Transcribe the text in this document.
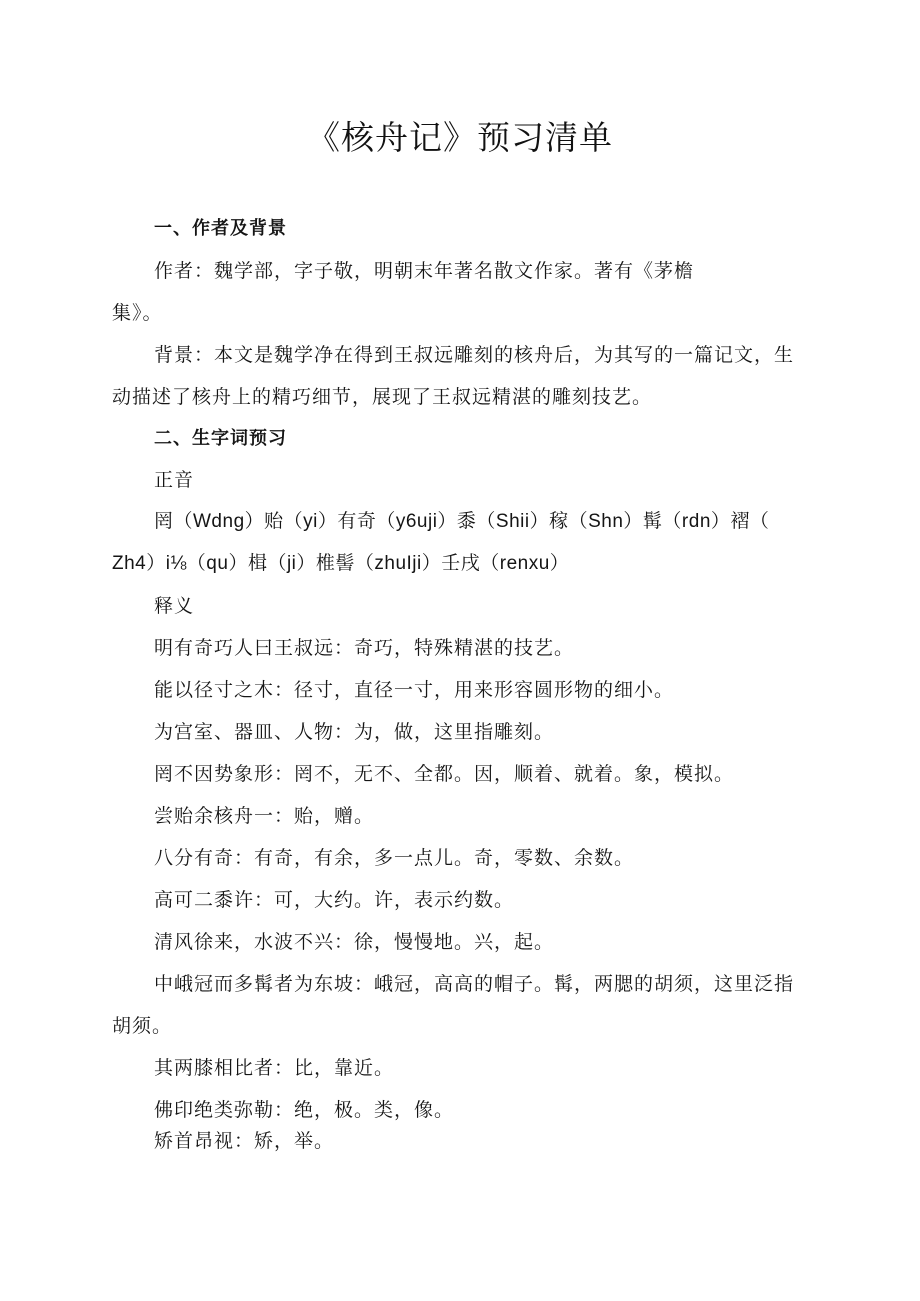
《核舟记》预习清单
一、作者及背景
作者：魏学部，字子敬，明朝末年著名散文作家。著有《茅檐
集》。
背景：本文是魏学净在得到王叔远雕刻的核舟后，为其写的一篇记文，生
动描述了核舟上的精巧细节，展现了王叔远精湛的雕刻技艺。
二、生字词预习
正音
罔（Wdng）贻（yi）有奇（y6uji）黍（Shii）稼（Shn）髯（rdn）褶（
Zh4）i⅛（qu）楫（ji）椎髻（zhuIji）壬戌（renxu）
释义
明有奇巧人曰王叔远：奇巧，特殊精湛的技艺。
能以径寸之木：径寸，直径一寸，用来形容圆形物的细小。
为宫室、器皿、人物：为，做，这里指雕刻。
罔不因势象形：罔不，无不、全都。因，顺着、就着。象，模拟。
尝贻余核舟一：贻，赠。
八分有奇：有奇，有余，多一点儿。奇，零数、余数。
高可二黍许：可，大约。许，表示约数。
清风徐来，水波不兴：徐，慢慢地。兴，起。
中峨冠而多髯者为东坡：峨冠，高高的帽子。髯，两腮的胡须，这里泛指
胡须。
其两膝相比者：比，靠近。
佛印绝类弥勒：绝，极。类，像。
矫首昂视：矫，举。
